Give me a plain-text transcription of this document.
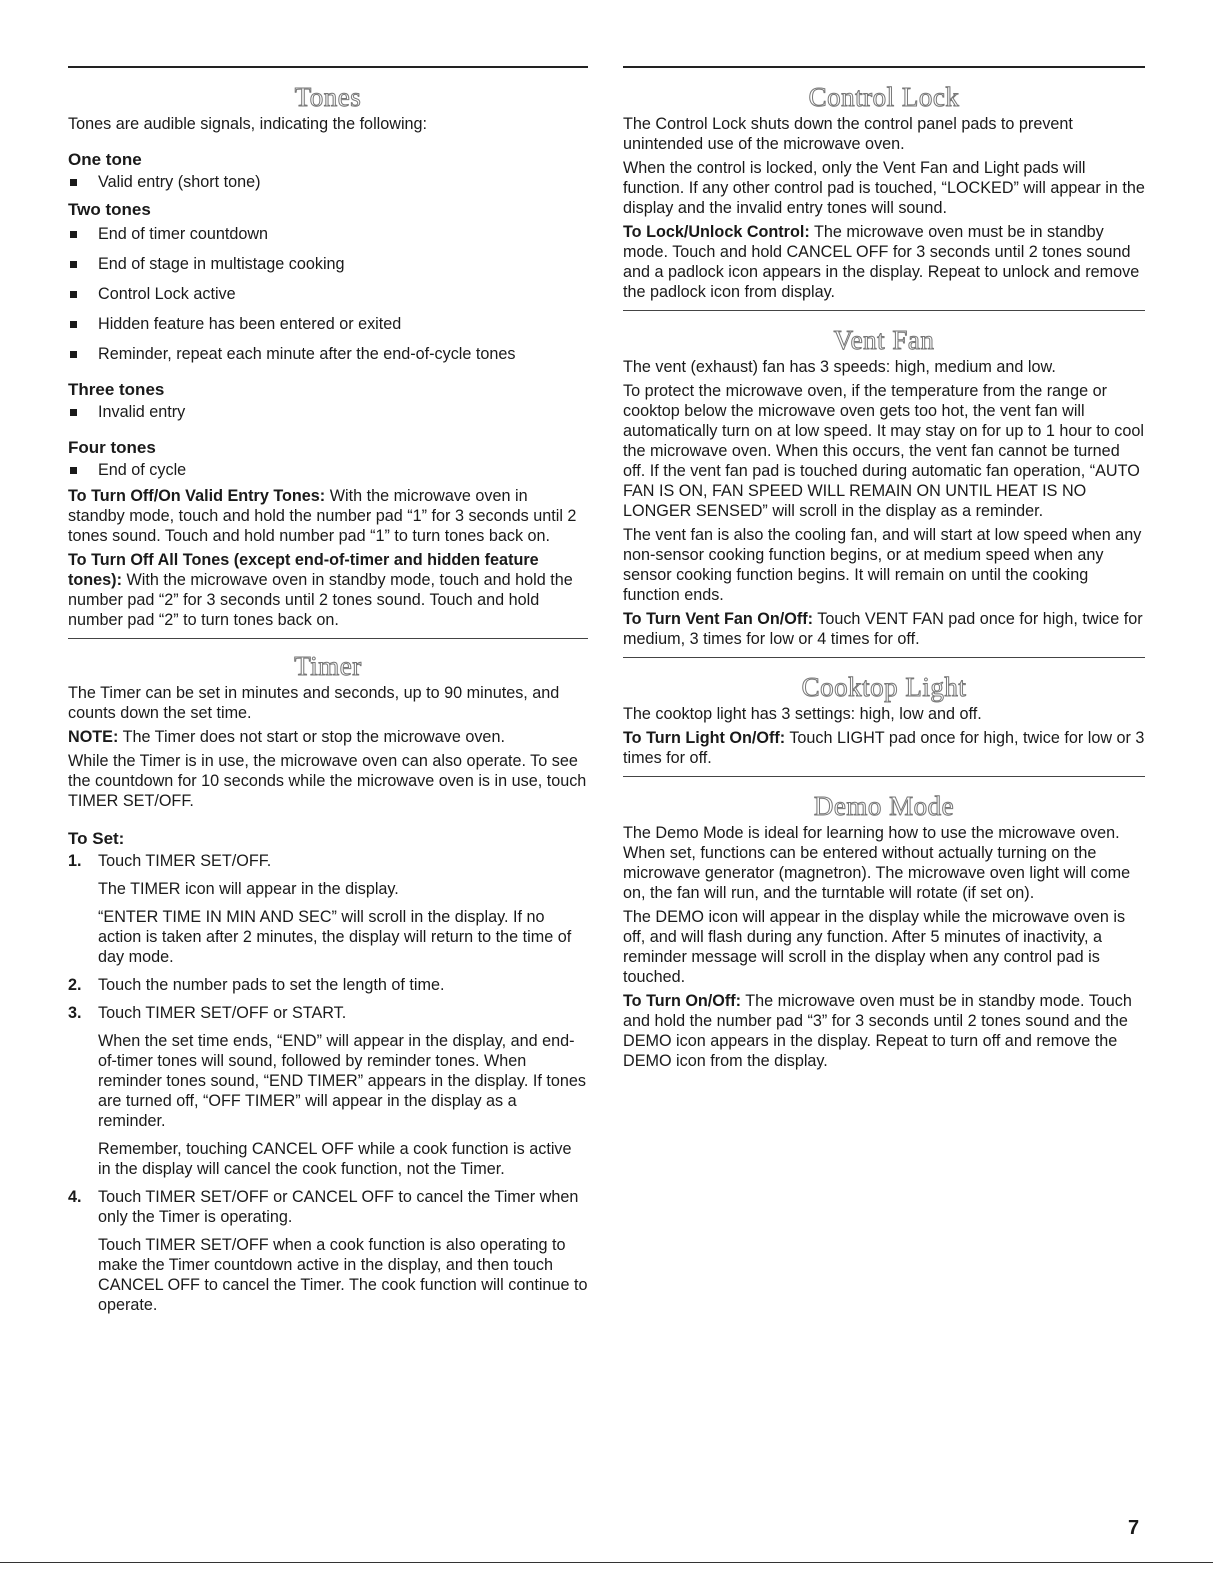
Tones

Tones are audible signals, indicating the following:

One tone
Valid entry (short tone)
Two tones
End of timer countdown
End of stage in multistage cooking
Control Lock active
Hidden feature has been entered or exited
Reminder, repeat each minute after the end-of-cycle tones
Three tones
Invalid entry
Four tones
End of cycle

To Turn Off/On Valid Entry Tones: With the microwave oven in standby mode, touch and hold the number pad “1” for 3 seconds until 2 tones sound. Touch and hold number pad “1” to turn tones back on.

To Turn Off All Tones (except end-of-timer and hidden feature tones): With the microwave oven in standby mode, touch and hold the number pad “2” for 3 seconds until 2 tones sound. Touch and hold number pad “2” to turn tones back on.

Timer

The Timer can be set in minutes and seconds, up to 90 minutes, and counts down the set time.

NOTE: The Timer does not start or stop the microwave oven.

While the Timer is in use, the microwave oven can also operate. To see the countdown for 10 seconds while the microwave oven is in use, touch TIMER SET/OFF.

To Set:
1. Touch TIMER SET/OFF.

The TIMER icon will appear in the display.

“ENTER TIME IN MIN AND SEC” will scroll in the display. If no action is taken after 2 minutes, the display will return to the time of day mode.

2. Touch the number pads to set the length of time.

3. Touch TIMER SET/OFF or START.

When the set time ends, “END” will appear in the display, and end-of-timer tones will sound, followed by reminder tones. When reminder tones sound, “END TIMER” appears in the display. If tones are turned off, “OFF TIMER” will appear in the display as a reminder.

Remember, touching CANCEL OFF while a cook function is active in the display will cancel the cook function, not the Timer.

4. Touch TIMER SET/OFF or CANCEL OFF to cancel the Timer when only the Timer is operating.

Touch TIMER SET/OFF when a cook function is also operating to make the Timer countdown active in the display, and then touch CANCEL OFF to cancel the Timer. The cook function will continue to operate.

Control Lock

The Control Lock shuts down the control panel pads to prevent unintended use of the microwave oven.

When the control is locked, only the Vent Fan and Light pads will function. If any other control pad is touched, “LOCKED” will appear in the display and the invalid entry tones will sound.

To Lock/Unlock Control: The microwave oven must be in standby mode. Touch and hold CANCEL OFF for 3 seconds until 2 tones sound and a padlock icon appears in the display. Repeat to unlock and remove the padlock icon from display.

Vent Fan

The vent (exhaust) fan has 3 speeds: high, medium and low.

To protect the microwave oven, if the temperature from the range or cooktop below the microwave oven gets too hot, the vent fan will automatically turn on at low speed. It may stay on for up to 1 hour to cool the microwave oven. When this occurs, the vent fan cannot be turned off. If the vent fan pad is touched during automatic fan operation, “AUTO FAN IS ON, FAN SPEED WILL REMAIN ON UNTIL HEAT IS NO LONGER SENSED” will scroll in the display as a reminder.

The vent fan is also the cooling fan, and will start at low speed when any non-sensor cooking function begins, or at medium speed when any sensor cooking function begins. It will remain on until the cooking function ends.

To Turn Vent Fan On/Off: Touch VENT FAN pad once for high, twice for medium, 3 times for low or 4 times for off.

Cooktop Light

The cooktop light has 3 settings: high, low and off.

To Turn Light On/Off: Touch LIGHT pad once for high, twice for low or 3 times for off.

Demo Mode

The Demo Mode is ideal for learning how to use the microwave oven. When set, functions can be entered without actually turning on the microwave generator (magnetron). The microwave oven light will come on, the fan will run, and the turntable will rotate (if set on).

The DEMO icon will appear in the display while the microwave oven is off, and will flash during any function. After 5 minutes of inactivity, a reminder message will scroll in the display when any control pad is touched.

To Turn On/Off: The microwave oven must be in standby mode. Touch and hold the number pad “3” for 3 seconds until 2 tones sound and the DEMO icon appears in the display. Repeat to turn off and remove the DEMO icon from the display.

7
